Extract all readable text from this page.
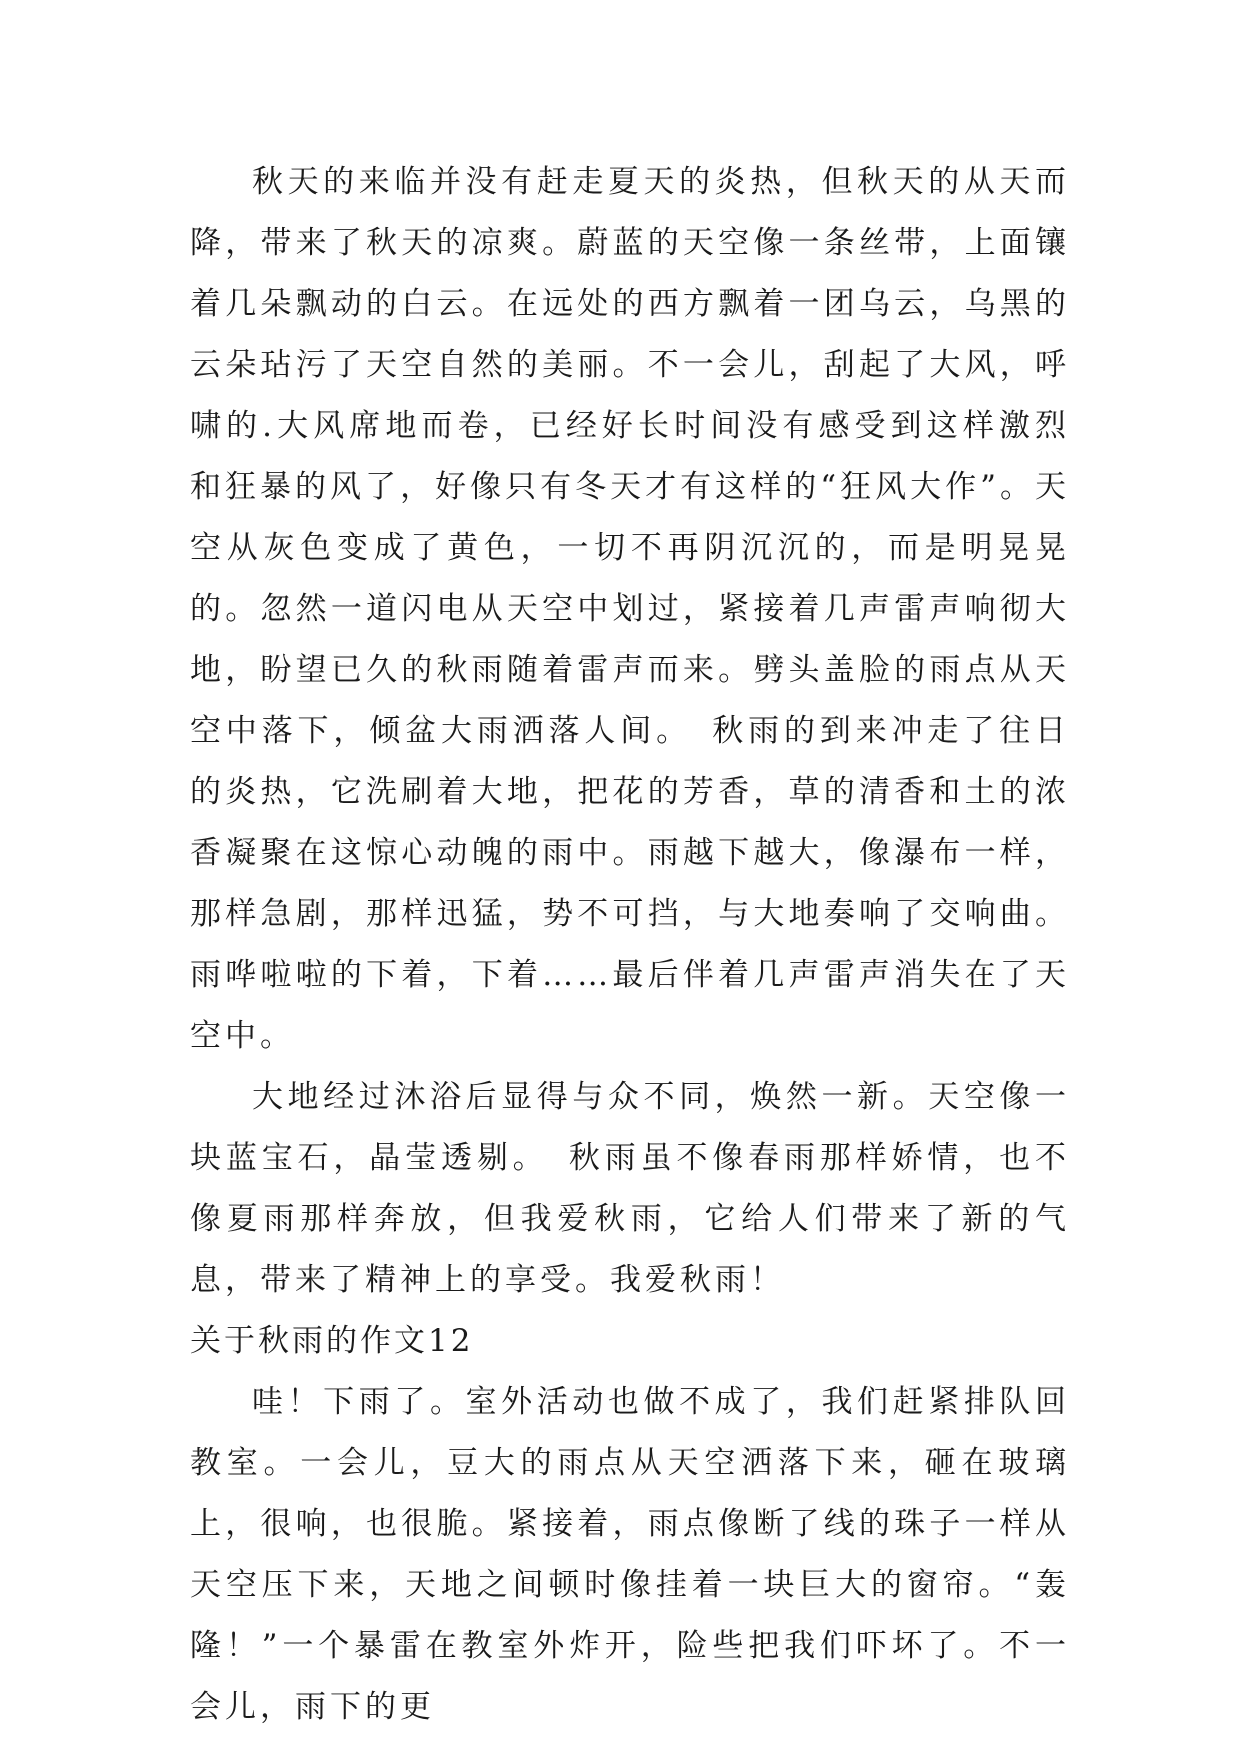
秋天的来临并没有赶走夏天的炎热，但秋天的从天而降，带来了秋天的凉爽。蔚蓝的天空像一条丝带，上面镶着几朵飘动的白云。在远处的西方飘着一团乌云，乌黑的云朵玷污了天空自然的美丽。不一会儿，刮起了大风，呼啸的.大风席地而卷，已经好长时间没有感受到这样激烈和狂暴的风了，好像只有冬天才有这样的“狂风大作”。天空从灰色变成了黄色，一切不再阴沉沉的，而是明晃晃的。忽然一道闪电从天空中划过，紧接着几声雷声响彻大地，盼望已久的秋雨随着雷声而来。劈头盖脸的雨点从天空中落下，倾盆大雨洒落人间。　秋雨的到来冲走了往日的炎热，它洗刷着大地，把花的芳香，草的清香和土的浓香凝聚在这惊心动魄的雨中。雨越下越大，像瀑布一样，那样急剧，那样迅猛，势不可挡，与大地奏响了交响曲。雨哗啦啦的下着，下着……最后伴着几声雷声消失在了天空中。

大地经过沐浴后显得与众不同，焕然一新。天空像一块蓝宝石，晶莹透剔。　秋雨虽不像春雨那样娇情，也不像夏雨那样奔放，但我爱秋雨，它给人们带来了新的气息，带来了精神上的享受。我爱秋雨！

关于秋雨的作文12

哇！下雨了。室外活动也做不成了，我们赶紧排队回教室。一会儿，豆大的雨点从天空洒落下来，砸在玻璃上，很响，也很脆。紧接着，雨点像断了线的珠子一样从天空压下来，天地之间顿时像挂着一块巨大的窗帘。“轰隆！”一个暴雷在教室外炸开，险些把我们吓坏了。不一会儿，雨下的更
